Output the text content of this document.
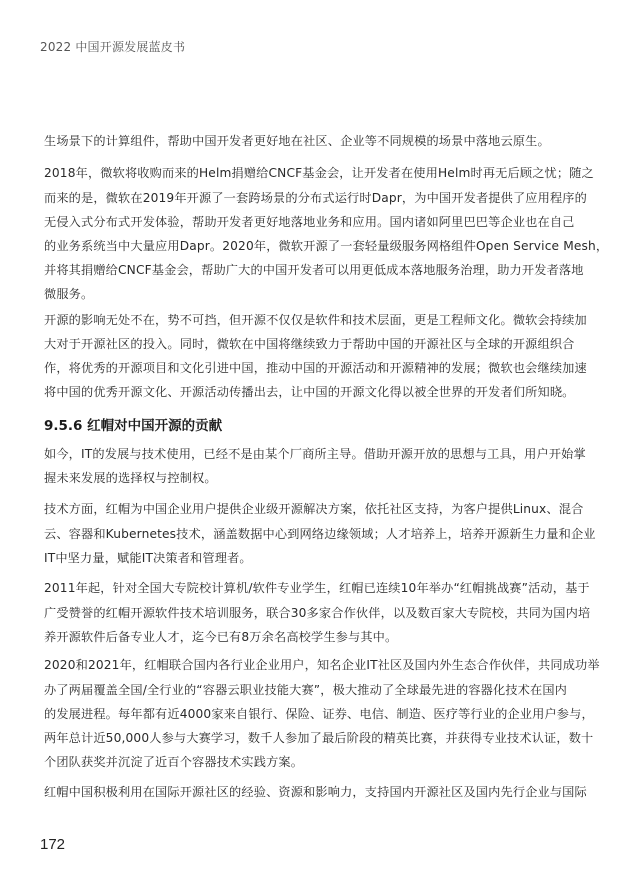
2022 中国开源发展蓝皮书
生场景下的计算组件，帮助中国开发者更好地在社区、企业等不同规模的场景中落地云原生。
2018年，微软将收购而来的Helm捐赠给CNCF基金会，让开发者在使用Helm时再无后顾之忧；随之
而来的是，微软在2019年开源了一套跨场景的分布式运行时Dapr，为中国开发者提供了应用程序的
无侵入式分布式开发体验，帮助开发者更好地落地业务和应用。国内诸如阿里巴巴等企业也在自己
的业务系统当中大量应用Dapr。2020年，微软开源了一套轻量级服务网格组件Open Service Mesh，
并将其捐赠给CNCF基金会，帮助广大的中国开发者可以用更低成本落地服务治理，助力开发者落地
微服务。
开源的影响无处不在，势不可挡，但开源不仅仅是软件和技术层面，更是工程师文化。微软会持续加
大对于开源社区的投入。同时，微软在中国将继续致力于帮助中国的开源社区与全球的开源组织合
作，将优秀的开源项目和文化引进中国，推动中国的开源活动和开源精神的发展；微软也会继续加速
将中国的优秀开源文化、开源活动传播出去，让中国的开源文化得以被全世界的开发者们所知晓。
9.5.6 红帽对中国开源的贡献
如今，IT的发展与技术使用，已经不是由某个厂商所主导。借助开源开放的思想与工具，用户开始掌
握未来发展的选择权与控制权。
技术方面，红帽为中国企业用户提供企业级开源解决方案，依托社区支持，为客户提供Linux、混合
云、容器和Kubernetes技术，涵盖数据中心到网络边缘领域；人才培养上，培养开源新生力量和企业
IT中坚力量，赋能IT决策者和管理者。
2011年起，针对全国大专院校计算机/软件专业学生，红帽已连续10年举办“红帽挑战赛”活动，基于
广受赞誉的红帽开源软件技术培训服务，联合30多家合作伙伴，以及数百家大专院校，共同为国内培
养开源软件后备专业人才，迄今已有8万余名高校学生参与其中。
2020和2021年，红帽联合国内各行业企业用户，知名企业IT社区及国内外生态合作伙伴，共同成功举
办了两届覆盖全国/全行业的“容器云职业技能大赛”，极大推动了全球最先进的容器化技术在国内
的发展进程。每年都有近4000家来自银行、保险、证券、电信、制造、医疗等行业的企业用户参与，
两年总计近50,000人参与大赛学习，数千人参加了最后阶段的精英比赛，并获得专业技术认证，数十
个团队获奖并沉淀了近百个容器技术实践方案。
红帽中国积极利用在国际开源社区的经验、资源和影响力，支持国内开源社区及国内先行企业与国际
172
